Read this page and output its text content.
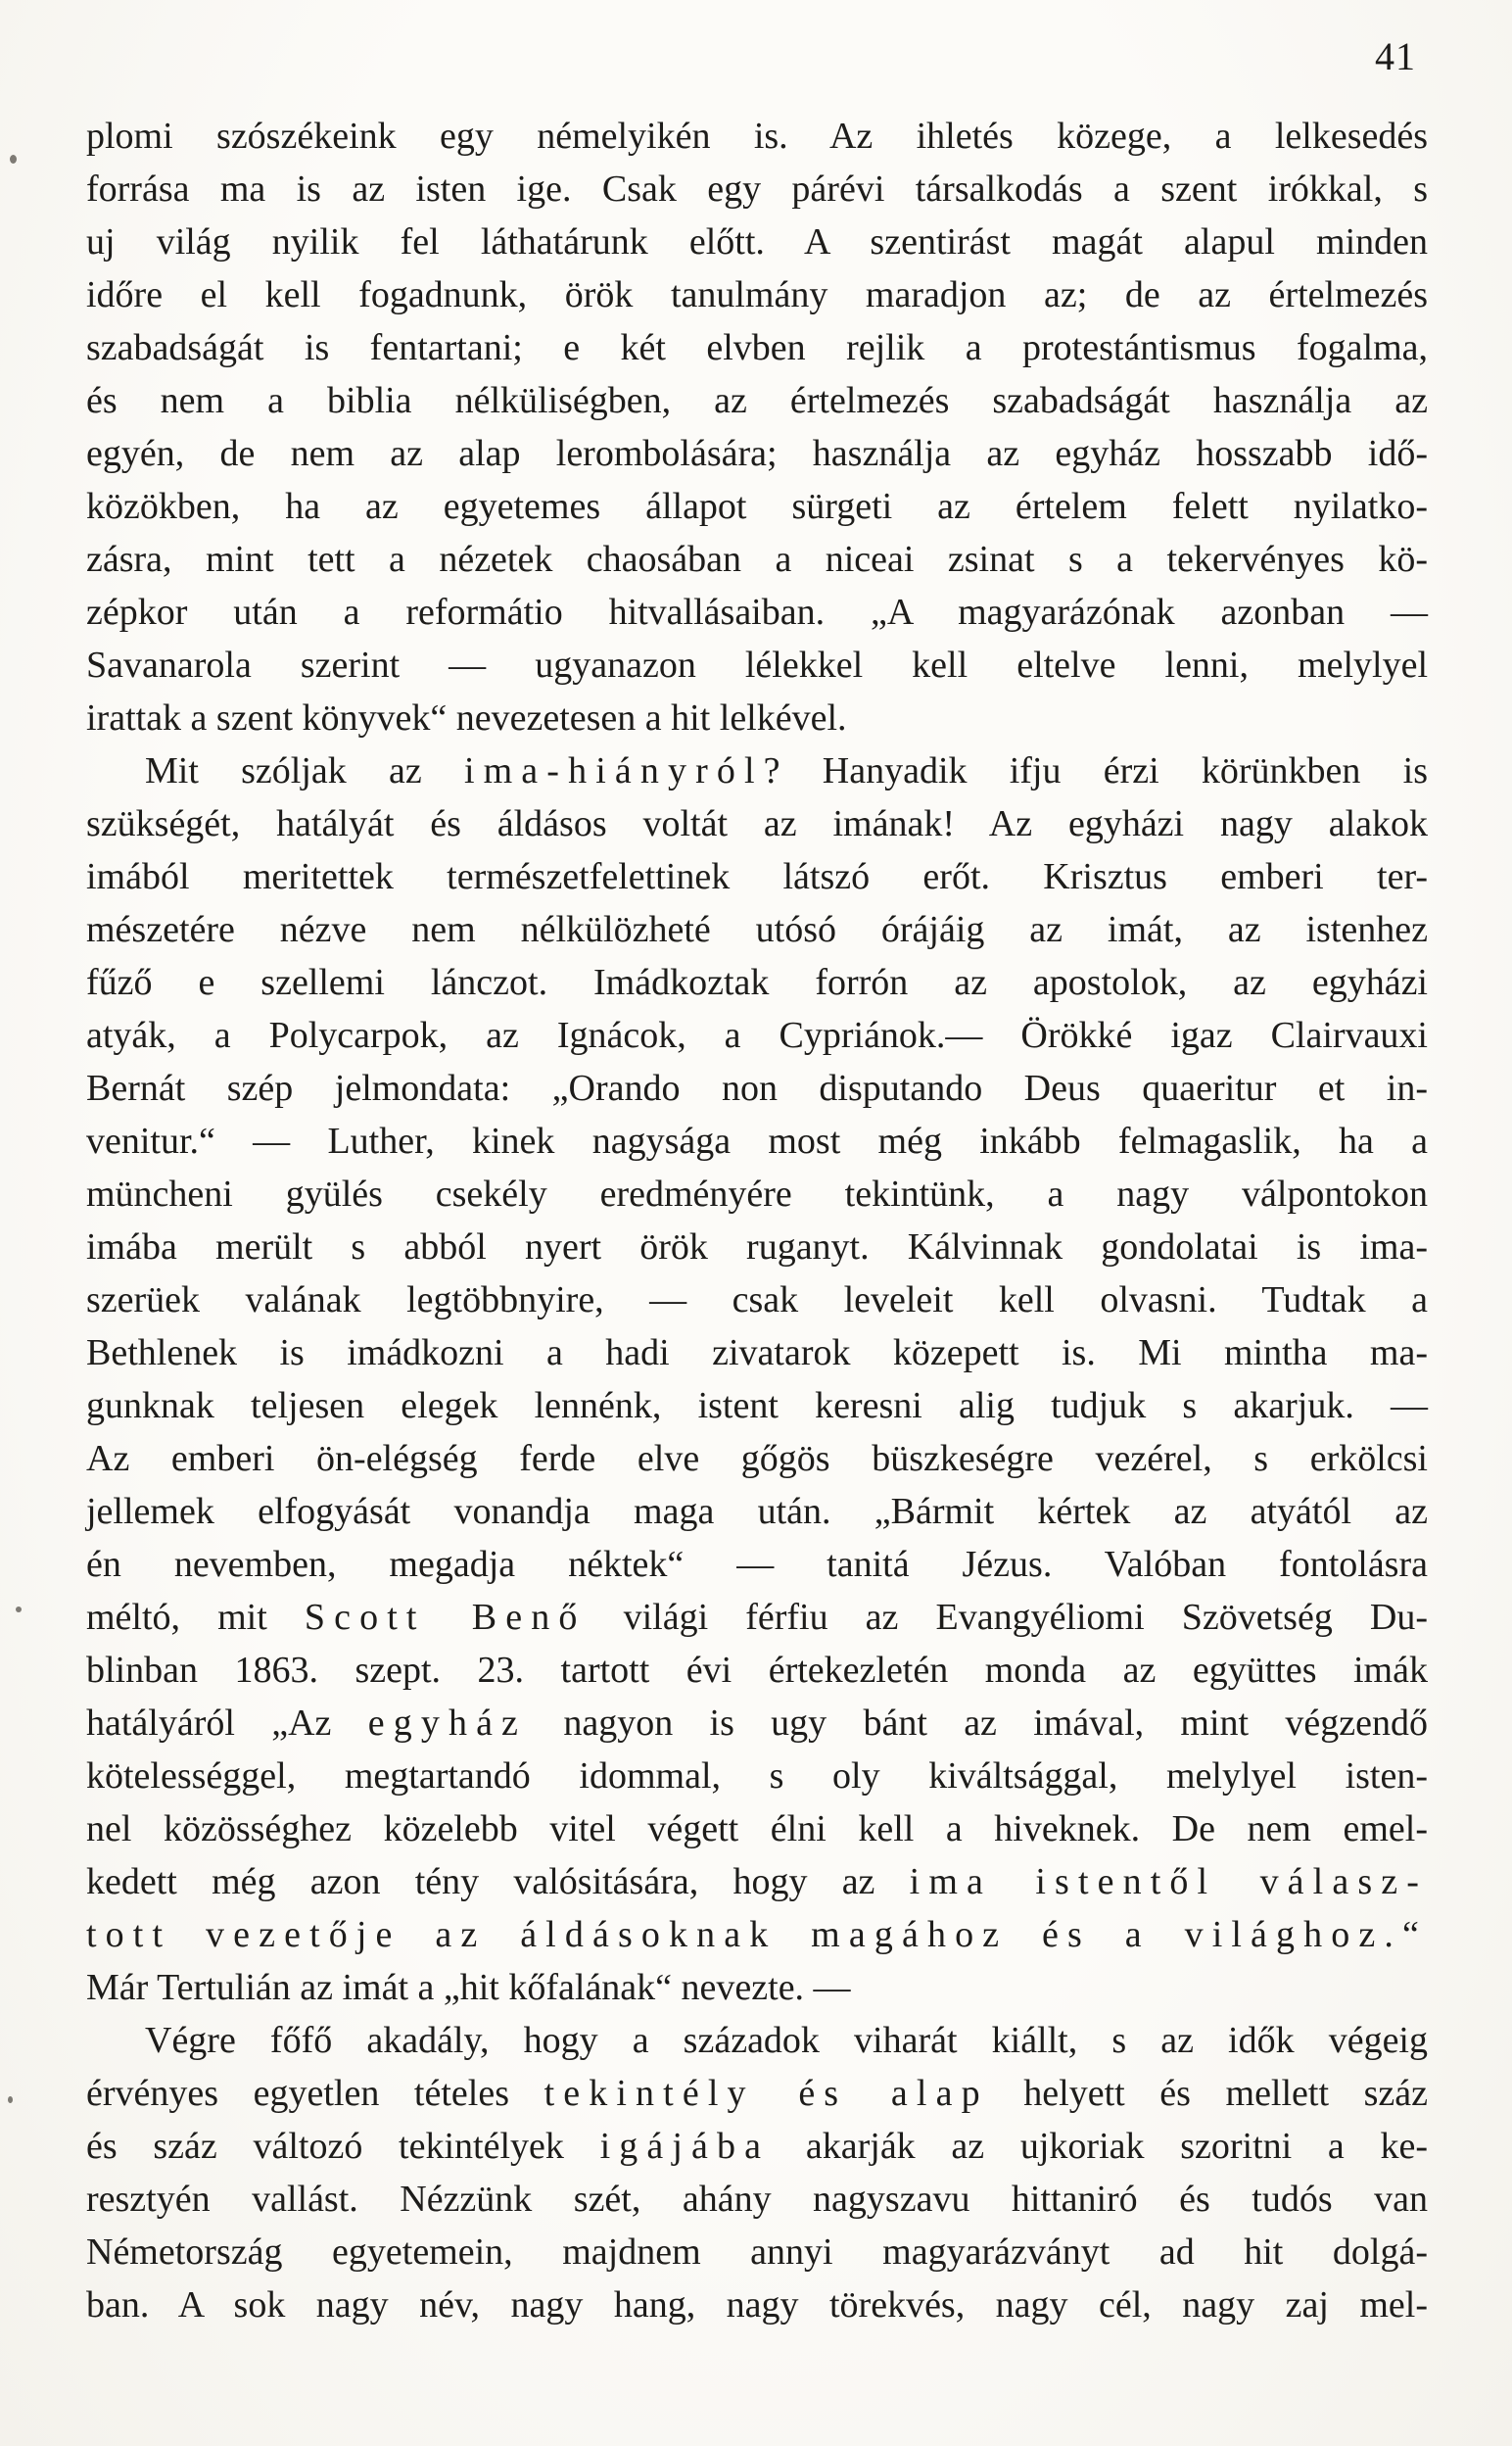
41
plomi szószékeink egy némelyikén is. Az ihletés közege, a lelkesedés
forrása ma is az isten ige. Csak egy párévi társalkodás a szent irókkal, s
uj világ nyilik fel láthatárunk előtt. A szentirást magát alapul minden
időre el kell fogadnunk, örök tanulmány maradjon az; de az értelmezés
szabadságát is fentartani; e két elvben rejlik a protestántismus fogalma,
és nem a biblia nélküliségben, az értelmezés szabadságát használja az
egyén, de nem az alap lerombolására; használja az egyház hosszabb idő-
közökben, ha az egyetemes állapot sürgeti az értelem felett nyilatko-
zásra, mint tett a nézetek chaosában a niceai zsinat s a tekervényes kö-
zépkor után a reformátio hitvallásaiban. „A magyarázónak azonban —
Savanarola szerint — ugyanazon lélekkel kell eltelve lenni, melylyel
irattak a szent könyvek“ nevezetesen a hit lelkével.
Mit szóljak az ima-hiányról? Hanyadik ifju érzi körünkben is
szükségét, hatályát és áldásos voltát az imának! Az egyházi nagy alakok
imából meritettek természetfelettinek látszó erőt. Krisztus emberi ter-
mészetére nézve nem nélkülözheté utósó órájáig az imát, az istenhez
fűző e szellemi lánczot. Imádkoztak forrón az apostolok, az egyházi
atyák, a Polycarpok, az Ignácok, a Cypriánok.— Örökké igaz Clairvauxi
Bernát szép jelmondata: „Orando non disputando Deus quaeritur et in-
venitur.“ — Luther, kinek nagysága most még inkább felmagaslik, ha a
müncheni gyülés csekély eredményére tekintünk, a nagy válpontokon
imába merült s abból nyert örök ruganyt. Kálvinnak gondolatai is ima-
szerüek valának legtöbbnyire, — csak leveleit kell olvasni. Tudtak a
Bethlenek is imádkozni a hadi zivatarok közepett is. Mi mintha ma-
gunknak teljesen elegek lennénk, istent keresni alig tudjuk s akarjuk. —
Az emberi ön-elégség ferde elve gőgös büszkeségre vezérel, s erkölcsi
jellemek elfogyását vonandja maga után. „Bármit kértek az atyától az
én nevemben, megadja néktek“ — tanitá Jézus. Valóban fontolásra
méltó, mit Scott Benő világi férfiu az Evangyéliomi Szövetség Du-
blinban 1863. szept. 23. tartott évi értekezletén monda az együttes imák
hatályáról „Az egyház nagyon is ugy bánt az imával, mint végzendő
kötelességgel, megtartandó idommal, s oly kiváltsággal, melylyel isten-
nel közösséghez közelebb vitel végett élni kell a hiveknek. De nem emel-
kedett még azon tény valósitására, hogy az ima istentől válasz-
tott vezetője az áldásoknak magához és a világhoz.“
Már Tertulián az imát a „hit kőfalának“ nevezte. —
Végre főfő akadály, hogy a századok viharát kiállt, s az idők végeig
érvényes egyetlen tételes tekintély és alap helyett és mellett száz
és száz változó tekintélyek igájába akarják az ujkoriak szoritni a ke-
resztyén vallást. Nézzünk szét, ahány nagyszavu hittaniró és tudós van
Németország egyetemein, majdnem annyi magyarázványt ad hit dolgá-
ban. A sok nagy név, nagy hang, nagy törekvés, nagy cél, nagy zaj mel-
